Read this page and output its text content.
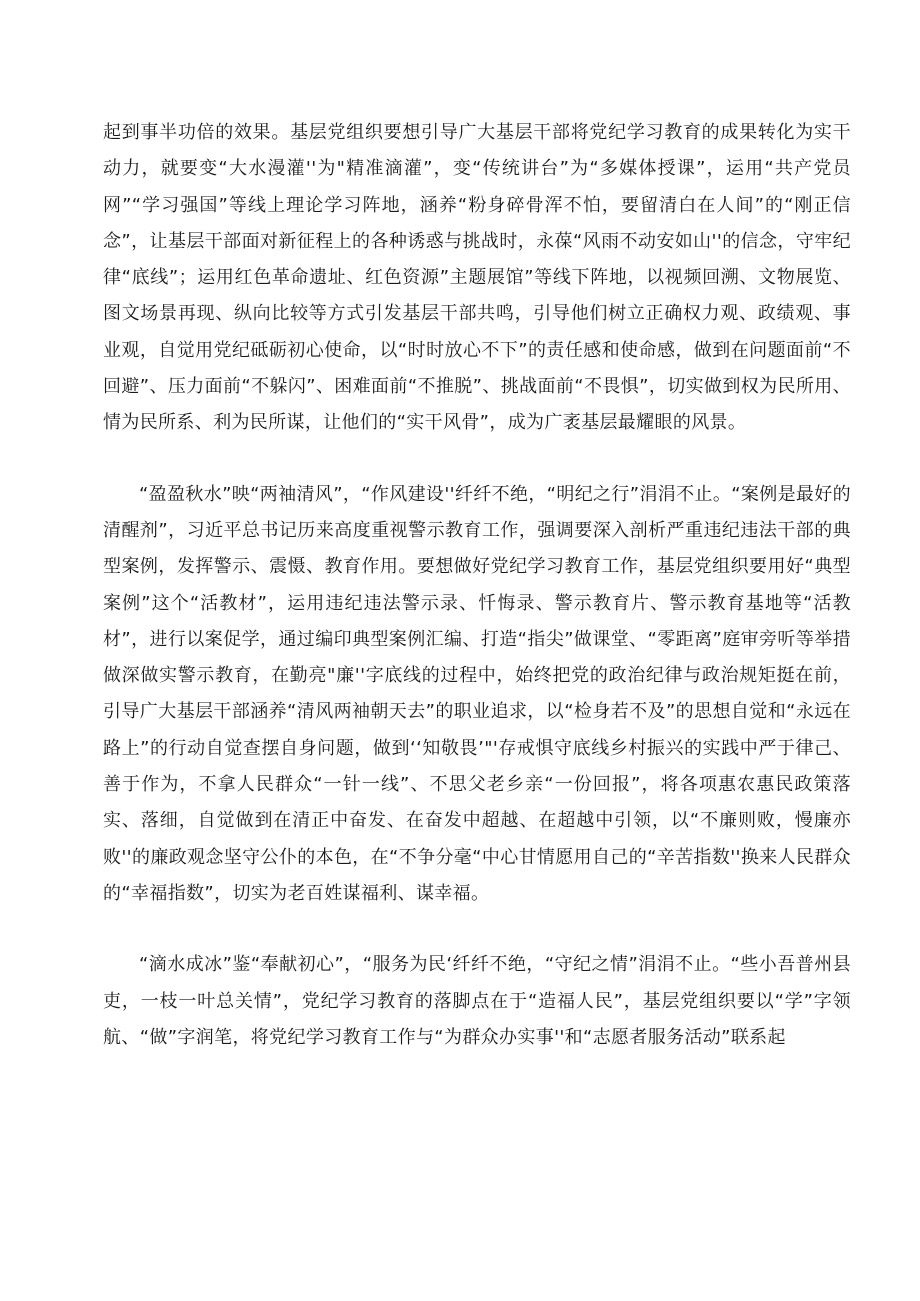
起到事半功倍的效果。基层党组织要想引导广大基层干部将党纪学习教育的成果转化为实干动力，就要变“大水漫灌''为"精准滴灌”，变“传统讲台”为“多媒体授课”，运用“共产党员网”“学习强国”等线上理论学习阵地，涵养“粉身碎骨浑不怕，要留清白在人间”的“刚正信念”，让基层干部面对新征程上的各种诱惑与挑战时，永葆“风雨不动安如山''的信念，守牢纪律“底线”；运用红色革命遗址、红色资源”主题展馆”等线下阵地，以视频回溯、文物展览、图文场景再现、纵向比较等方式引发基层干部共鸣，引导他们树立正确权力观、政绩观、事业观，自觉用党纪砥砺初心使命，以“时时放心不下”的责任感和使命感，做到在问题面前“不回避”、压力面前“不躲闪”、困难面前“不推脱”、挑战面前“不畏惧”，切实做到权为民所用、情为民所系、利为民所谋，让他们的“实干风骨”，成为广袤基层最耀眼的风景。

“盈盈秋水”映“两袖清风”，“作风建设''纤纤不绝，“明纪之行”涓涓不止。“案例是最好的清醒剂”，习近平总书记历来高度重视警示教育工作，强调要深入剖析严重违纪违法干部的典型案例，发挥警示、震慑、教育作用。要想做好党纪学习教育工作，基层党组织要用好“典型案例”这个“活教材”，运用违纪违法警示录、忏悔录、警示教育片、警示教育基地等“活教材”，进行以案促学，通过编印典型案例汇编、打造“指尖”做课堂、“零距离”庭审旁听等举措做深做实警示教育，在勤亮"廉''字底线的过程中，始终把党的政治纪律与政治规矩挺在前，引导广大基层干部涵养“清风两袖朝天去”的职业追求，以“检身若不及”的思想自觉和“永远在路上”的行动自觉查摆自身问题，做到‘‘知敬畏’"'存戒惧守底线乡村振兴的实践中严于律己、善于作为，不拿人民群众“一针一线”、不思父老乡亲“一份回报”，将各项惠农惠民政策落实、落细，自觉做到在清正中奋发、在奋发中超越、在超越中引领，以“不廉则败，慢廉亦败''的廉政观念坚守公仆的本色，在“不争分毫“中心甘情愿用自己的“辛苦指数''换来人民群众的“幸福指数”，切实为老百姓谋福利、谋幸福。

“滴水成冰”鉴“奉献初心”，“服务为民‘纤纤不绝，“守纪之情”涓涓不止。“些小吾普州县吏，一枝一叶总关情”，党纪学习教育的落脚点在于“造福人民”，基层党组织要以“学”字领航、“做”字润笔，将党纪学习教育工作与“为群众办实事''和“志愿者服务活动”联系起
